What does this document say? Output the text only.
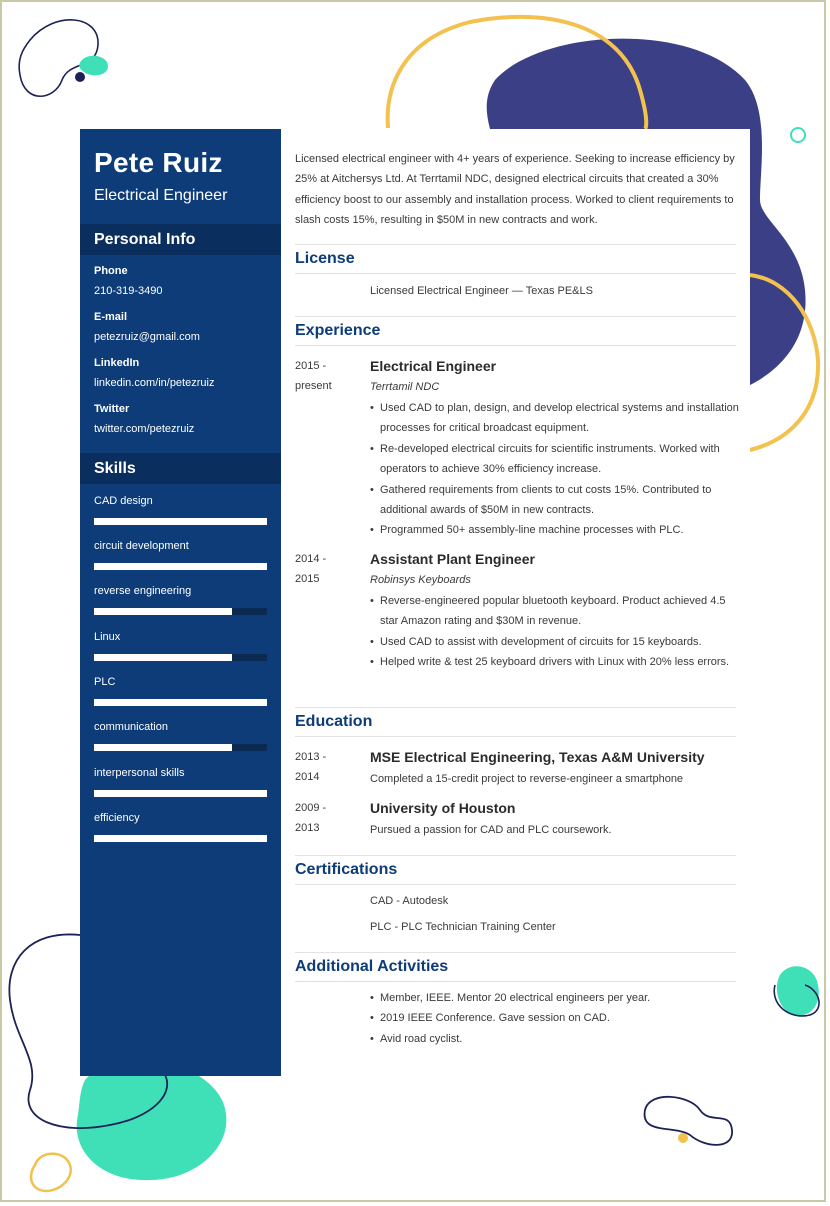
Pete Ruiz
Electrical Engineer
Personal Info
Phone
210-319-3490
E-mail
petezruiz@gmail.com
LinkedIn
linkedin.com/in/petezruiz
Twitter
twitter.com/petezruiz
Skills
CAD design
circuit development
reverse engineering
Linux
PLC
communication
interpersonal skills
efficiency
Licensed electrical engineer with 4+ years of experience. Seeking to increase efficiency by 25% at Aitchersys Ltd. At Terrtamil NDC, designed electrical circuits that created a 30% efficiency boost to our assembly and installation process. Worked to client requirements to slash costs 15%, resulting in $50M in new contracts and work.
License
Licensed Electrical Engineer — Texas PE&LS
Experience
2015 -
present
Electrical Engineer
Terrtamil NDC
• Used CAD to plan, design, and develop electrical systems and installation processes for critical broadcast equipment.
• Re-developed electrical circuits for scientific instruments. Worked with operators to achieve 30% efficiency increase.
• Gathered requirements from clients to cut costs 15%. Contributed to additional awards of $50M in new contracts.
• Programmed 50+ assembly-line machine processes with PLC.
2014 -
2015
Assistant Plant Engineer
Robinsys Keyboards
• Reverse-engineered popular bluetooth keyboard. Product achieved 4.5 star Amazon rating and $30M in revenue.
• Used CAD to assist with development of circuits for 15 keyboards.
• Helped write & test 25 keyboard drivers with Linux with 20% less errors.
Education
2013 -
2014
MSE Electrical Engineering, Texas A&M University
Completed a 15-credit project to reverse-engineer a smartphone
2009 -
2013
University of Houston
Pursued a passion for CAD and PLC coursework.
Certifications
CAD - Autodesk
PLC - PLC Technician Training Center
Additional Activities
• Member, IEEE. Mentor 20 electrical engineers per year.
• 2019 IEEE Conference. Gave session on CAD.
• Avid road cyclist.
